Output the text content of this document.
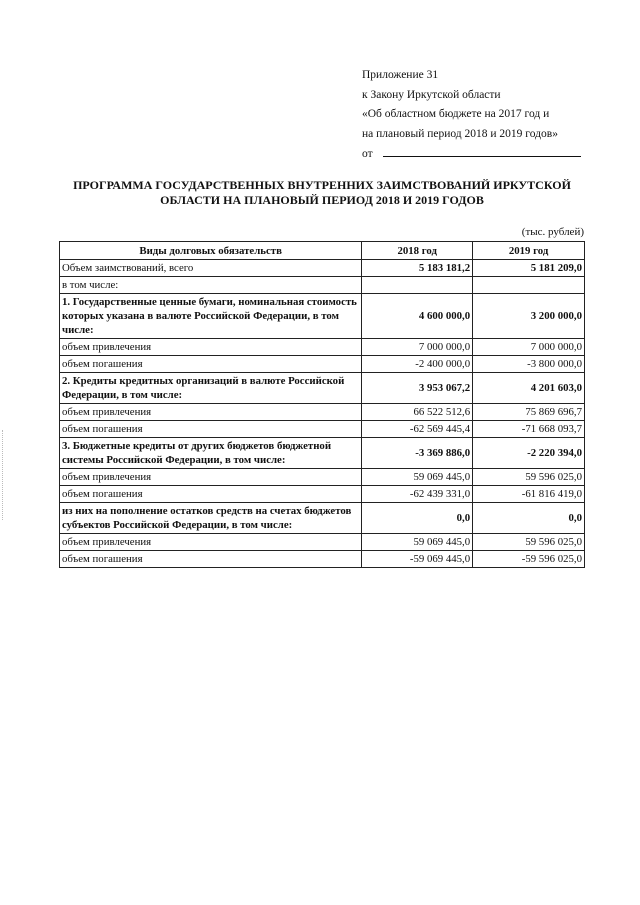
Приложение 31
к Закону Иркутской области
«Об областном бюджете на 2017 год и
на плановый период 2018 и 2019 годов»
от
ПРОГРАММА ГОСУДАРСТВЕННЫХ ВНУТРЕННИХ ЗАИМСТВОВАНИЙ ИРКУТСКОЙ
ОБЛАСТИ НА ПЛАНОВЫЙ ПЕРИОД 2018 И 2019 ГОДОВ
(тыс. рублей)
Виды долговых обязательств	2018 год	2019 год
Объем заимствований, всего	5 183 181,2	5 181 209,0
в том числе:		
1. Государственные ценные бумаги, номинальная стоимость которых указана в валюте Российской Федерации, в том числе:	4 600 000,0	3 200 000,0
объем привлечения	7 000 000,0	7 000 000,0
объем погашения	-2 400 000,0	-3 800 000,0
2. Кредиты кредитных организаций в валюте Российской Федерации, в том числе:	3 953 067,2	4 201 603,0
объем привлечения	66 522 512,6	75 869 696,7
объем погашения	-62 569 445,4	-71 668 093,7
3. Бюджетные кредиты от других бюджетов бюджетной системы Российской Федерации, в том числе:	-3 369 886,0	-2 220 394,0
объем привлечения	59 069 445,0	59 596 025,0
объем погашения	-62 439 331,0	-61 816 419,0
из них на пополнение остатков средств на счетах бюджетов субъектов Российской Федерации, в том числе:	0,0	0,0
объем привлечения	59 069 445,0	59 596 025,0
объем погашения	-59 069 445,0	-59 596 025,0
